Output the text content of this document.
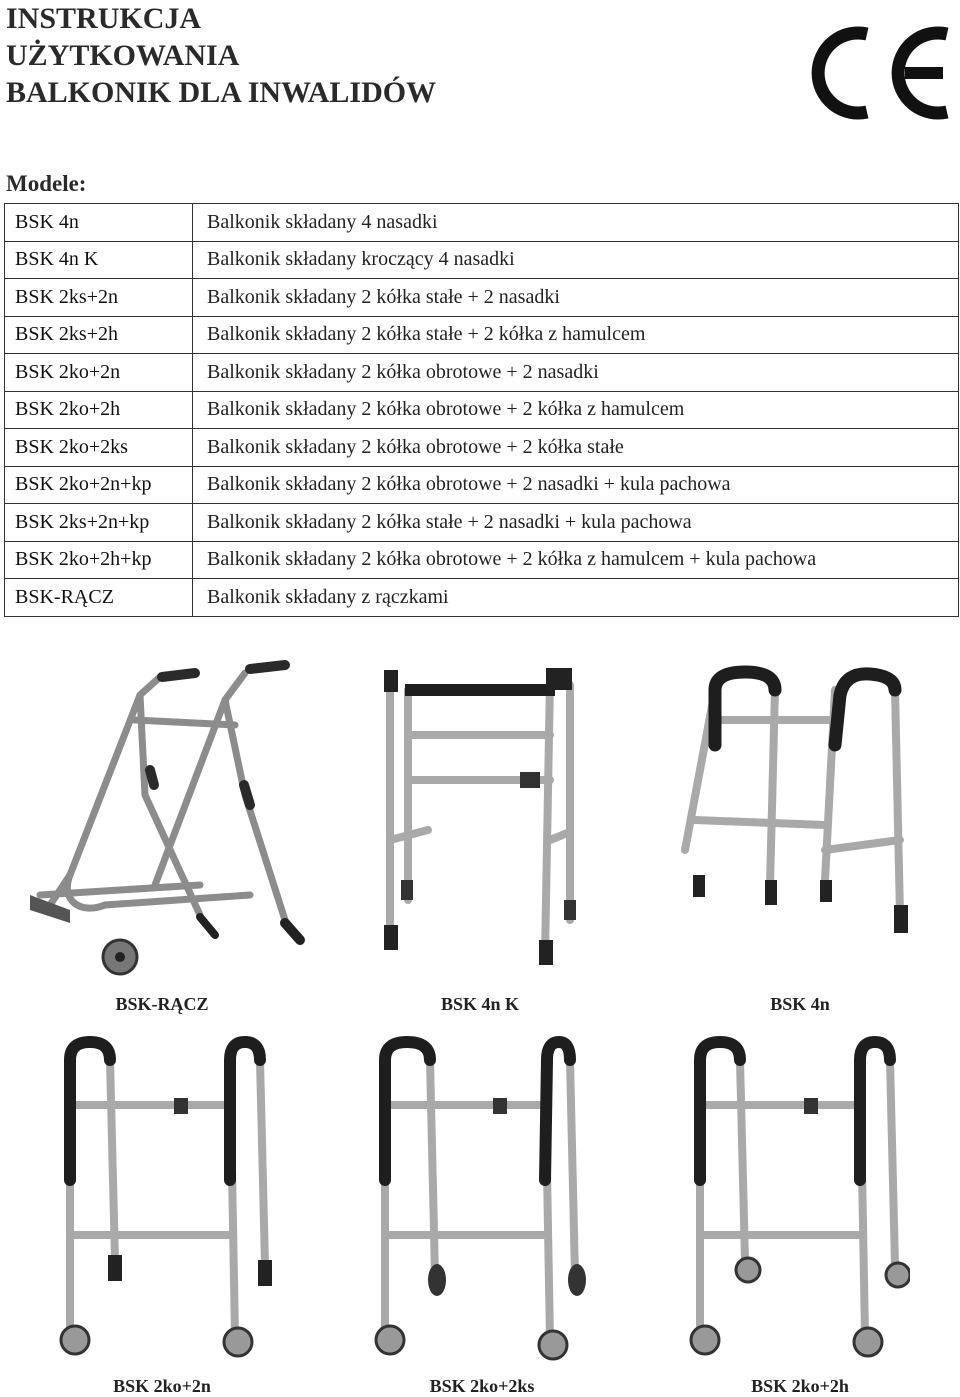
INSTRUKCJA
UŻYTKOWANIA
BALKONIK DLA INWALIDÓW
Modele:
BSK 4n	Balkonik składany 4 nasadki
BSK 4n K	Balkonik składany kroczący 4 nasadki
BSK 2ks+2n	Balkonik składany 2 kółka stałe + 2 nasadki
BSK 2ks+2h	Balkonik składany 2 kółka stałe + 2 kółka z hamulcem
BSK 2ko+2n	Balkonik składany 2 kółka obrotowe + 2 nasadki
BSK 2ko+2h	Balkonik składany 2 kółka obrotowe + 2 kółka z hamulcem
BSK 2ko+2ks	Balkonik składany 2 kółka obrotowe + 2 kółka stałe
BSK 2ko+2n+kp	Balkonik składany 2 kółka obrotowe + 2 nasadki + kula pachowa
BSK 2ks+2n+kp	Balkonik składany 2 kółka stałe + 2 nasadki + kula pachowa
BSK 2ko+2h+kp	Balkonik składany 2 kółka obrotowe + 2 kółka z hamulcem + kula pachowa
BSK-RĄCZ	Balkonik składany z rączkami
BSK-RĄCZ	BSK 4n K	BSK 4n
BSK 2ko+2n	BSK 2ko+2ks	BSK 2ko+2h
